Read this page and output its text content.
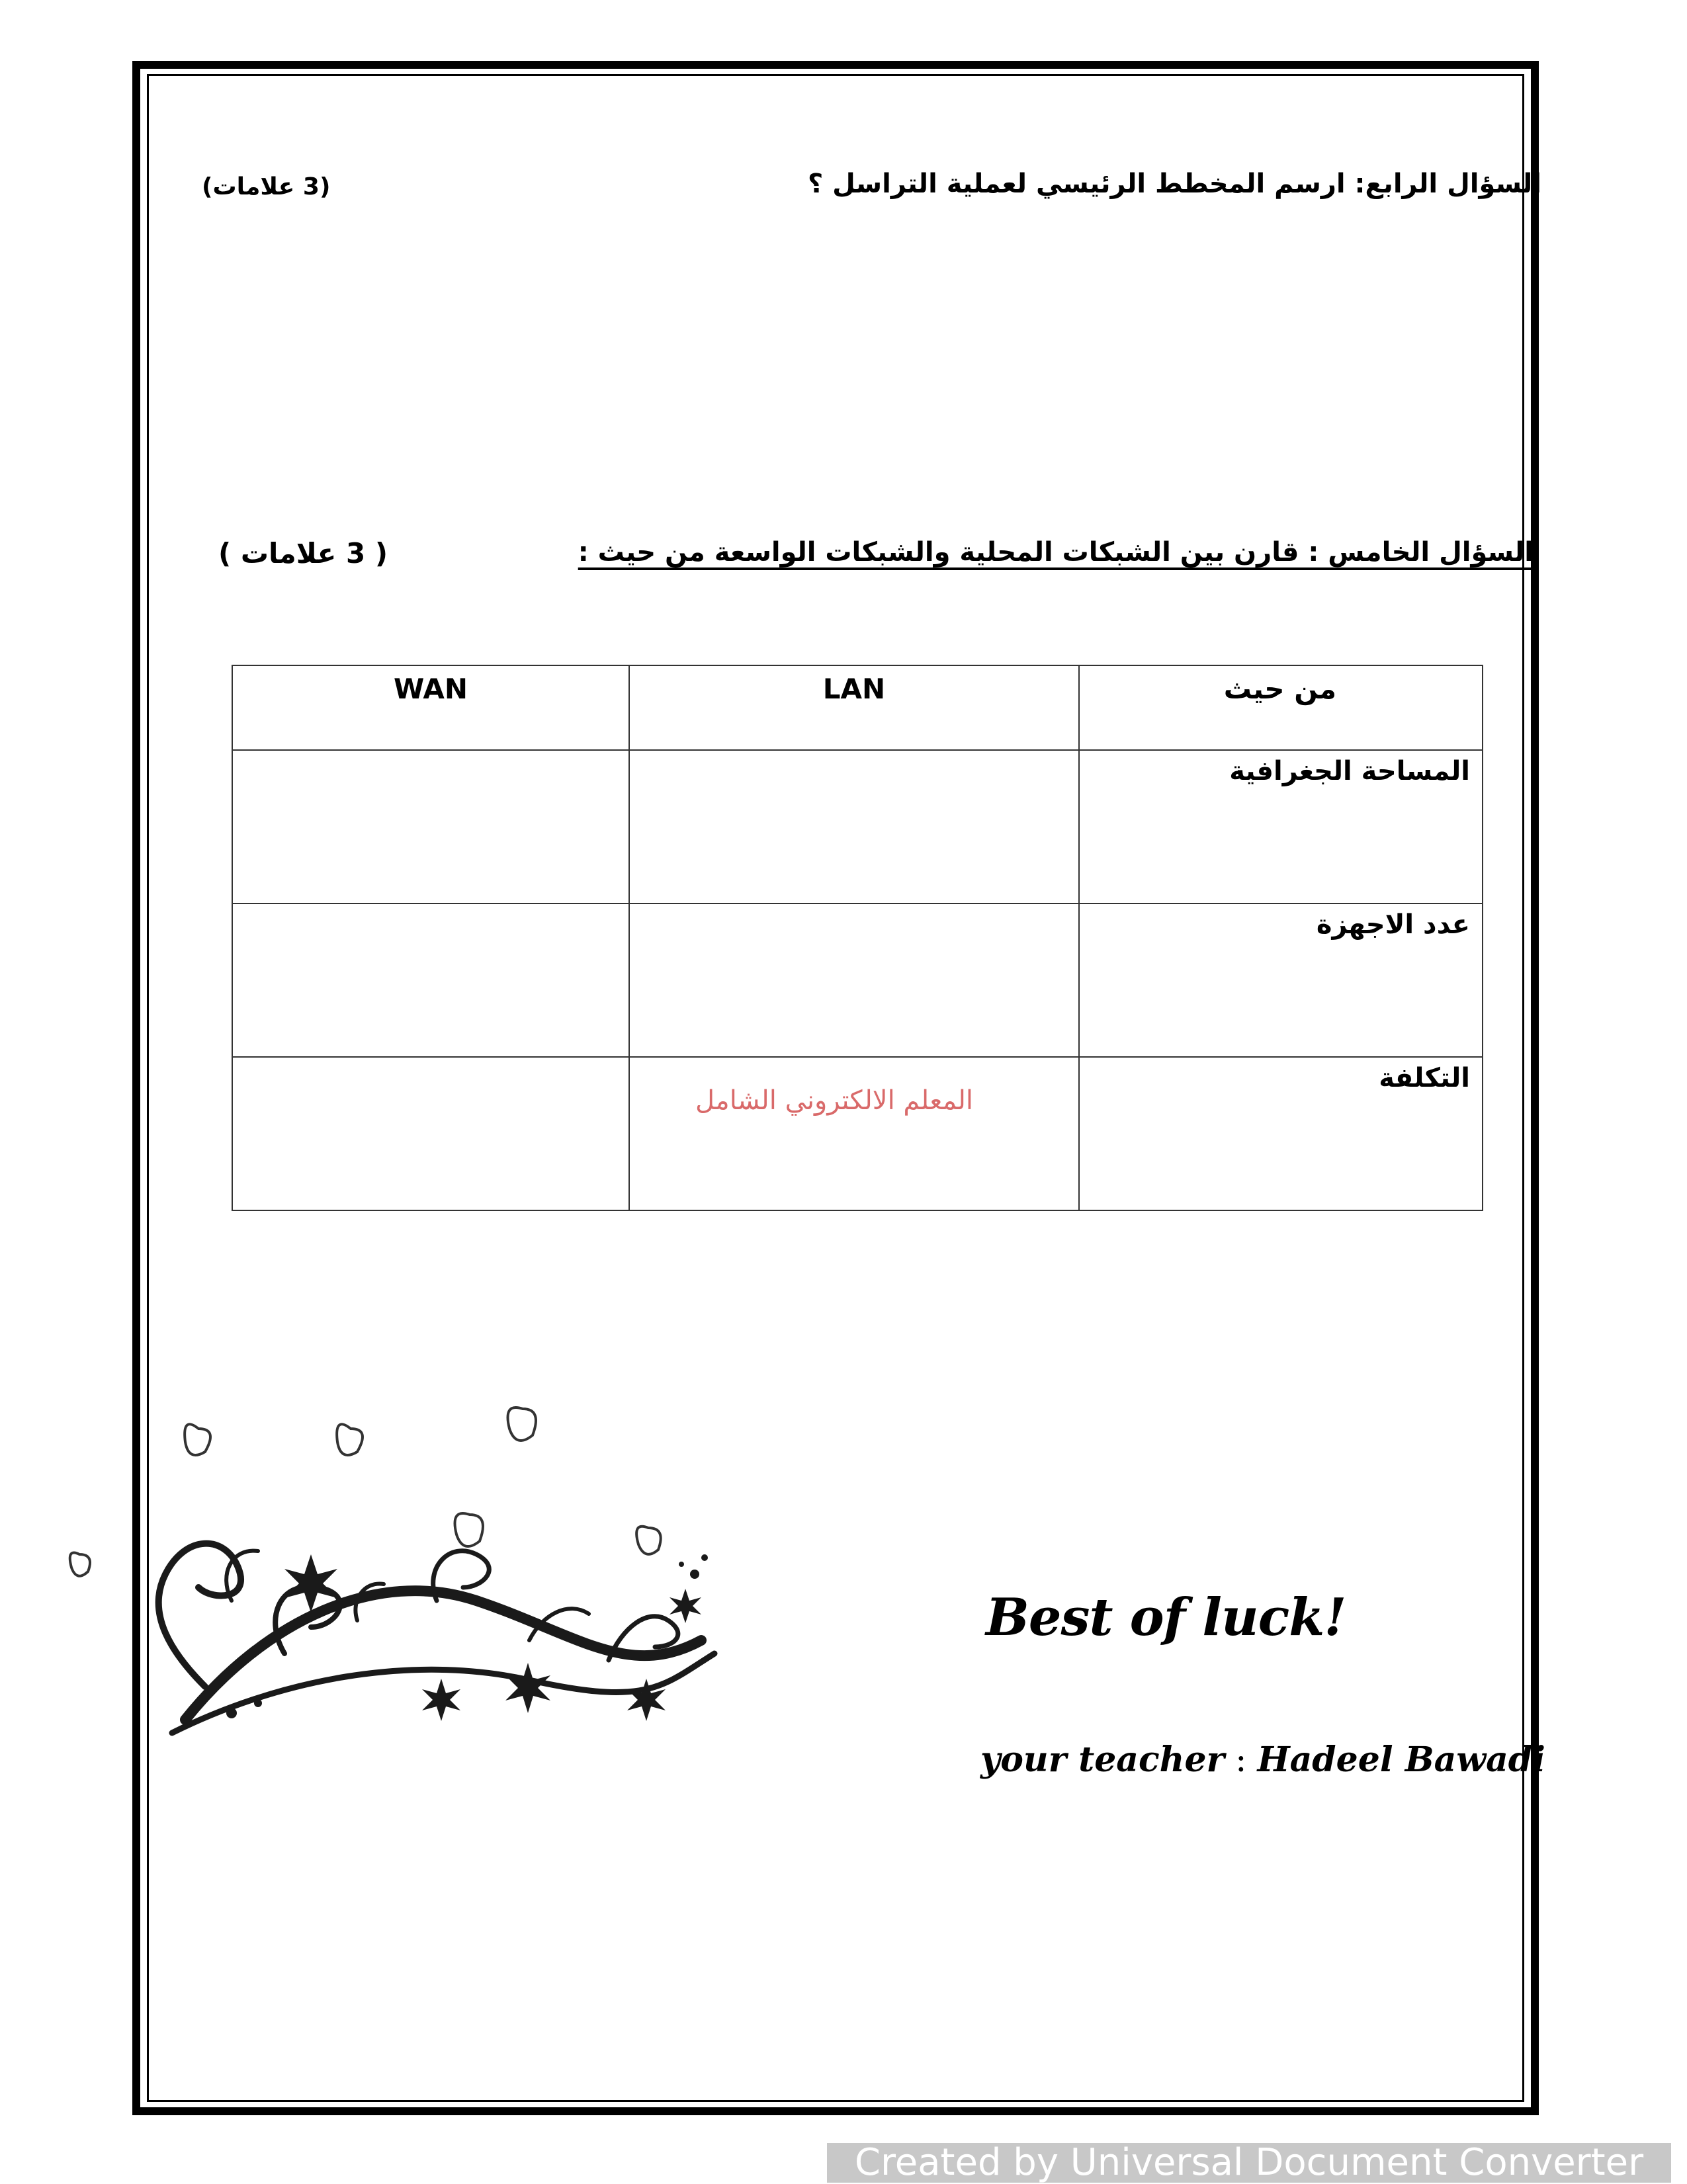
السؤال الرابع: ارسم المخطط الرئيسي لعملية التراسل ؟
(3 علامات)
السؤال الخامس : قارن بين الشبكات المحلية والشبكات الواسعة من حيث :
( 3 علامات )
WAN	LAN	من حيث
		المساحة الجغرافية
		عدد الاجهزة

	المعلم الالكتروني الشامل	التكلفة
Best of luck!
your teacher : Hadeel Bawadi
Created by Universal Document Converter
